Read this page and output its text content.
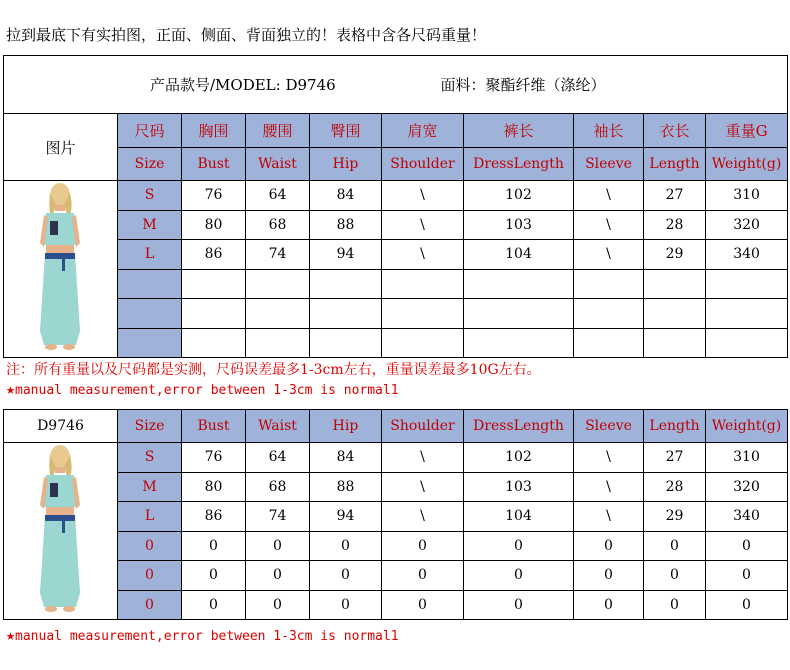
拉到最底下有实拍图，正面、侧面、背面独立的！表格中含各尺码重量！
产品款号/MODEL: D9746 面料：聚酯纤维（涤纶）									
图片	尺码	胸围	腰围	臀围	肩宽	裤长	袖长	衣长	重量G
	Size	Bust	Waist	Hip	Shoulder	DressLength	Sleeve	Length	Weight(g)
	S	76	64	84	\	102	\	27	310
	M	80	68	88	\	103	\	28	320
	L	86	74	94	\	104	\	29	340

注：所有重量以及尺码都是实测，尺码误差最多1-3cm左右，重量误差最多10G左右。
★manual measurement,error between 1-3cm is normal1
D9746	Size	Bust	Waist	Hip	Shoulder	DressLength	Sleeve	Length	Weight(g)
	S	76	64	84	\	102	\	27	310
	M	80	68	88	\	103	\	28	320
	L	86	74	94	\	104	\	29	340
	0	0	0	0	0	0	0	0	0
	0	0	0	0	0	0	0	0	0
	0	0	0	0	0	0	0	0	0
★manual measurement,error between 1-3cm is normal1
